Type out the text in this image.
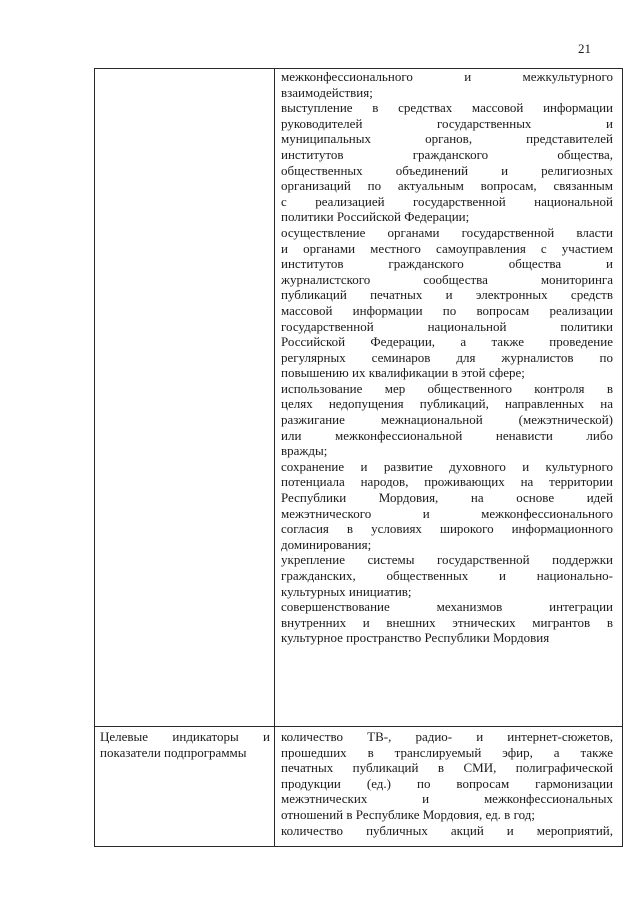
21
межконфессионального и межкультурного
взаимодействия;
выступление в средствах массовой информации
руководителей государственных и
муниципальных органов, представителей
институтов гражданского общества,
общественных объединений и религиозных
организаций по актуальным вопросам, связанным
с реализацией государственной национальной
политики Российской Федерации;
осуществление органами государственной власти
и органами местного самоуправления с участием
институтов гражданского общества и
журналистского сообщества мониторинга
публикаций печатных и электронных средств
массовой информации по вопросам реализации
государственной национальной политики
Российской Федерации, а также проведение
регулярных семинаров для журналистов по
повышению их квалификации в этой сфере;
использование мер общественного контроля в
целях недопущения публикаций, направленных на
разжигание межнациональной (межэтнической)
или межконфессиональной ненависти либо
вражды;
сохранение и развитие духовного и культурного
потенциала народов, проживающих на территории
Республики Мордовия, на основе идей
межэтнического и межконфессионального
согласия в условиях широкого информационного
доминирования;
укрепление системы государственной поддержки
гражданских, общественных и национально-
культурных инициатив;
совершенствование механизмов интеграции
внутренних и внешних этнических мигрантов в
культурное пространство Республики Мордовия
Целевые индикаторы и
показатели подпрограммы
количество ТВ-, радио- и интернет-сюжетов,
прошедших в транслируемый эфир, а также
печатных публикаций в СМИ, полиграфической
продукции (ед.) по вопросам гармонизации
межэтнических и межконфессиональных
отношений в Республике Мордовия, ед. в год;
количество публичных акций и мероприятий,
